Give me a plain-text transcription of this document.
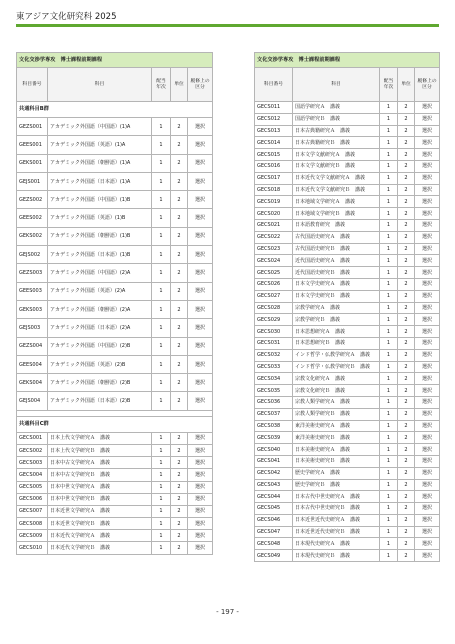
東アジア文化研究科 2025
文化交渉学専攻　博士課程前期課程				
科目番号	科目	配当年次	単位	履修上の区分
共通科目B群				
GEZS001	アカデミック外国語（中国語）(1)A	1	2	選択
GEES001	アカデミック外国語（英語）(1)A	1	2	選択
GEKS001	アカデミック外国語（朝鮮語）(1)A	1	2	選択
GEJS001	アカデミック外国語（日本語）(1)A	1	2	選択
GEZS002	アカデミック外国語（中国語）(1)B	1	2	選択
GEES002	アカデミック外国語（英語）(1)B	1	2	選択
GEKS002	アカデミック外国語（朝鮮語）(1)B	1	2	選択
GEJS002	アカデミック外国語（日本語）(1)B	1	2	選択
GEZS003	アカデミック外国語（中国語）(2)A	1	2	選択
GEES003	アカデミック外国語（英語）(2)A	1	2	選択
GEKS003	アカデミック外国語（朝鮮語）(2)A	1	2	選択
GEJS003	アカデミック外国語（日本語）(2)A	1	2	選択
GEZS004	アカデミック外国語（中国語）(2)B	1	2	選択
GEES004	アカデミック外国語（英語）(2)B	1	2	選択
GEKS004	アカデミック外国語（朝鮮語）(2)B	1	2	選択
GEJS004	アカデミック外国語（日本語）(2)B	1	2	選択

共通科目C群				
GECS001	日本上代文学研究Ａ　講義	1	2	選択
GECS002	日本上代文学研究Ｂ　講義	1	2	選択
GECS003	日本中古文学研究Ａ　講義	1	2	選択
GECS004	日本中古文学研究Ｂ　講義	1	2	選択
GECS005	日本中世文学研究Ａ　講義	1	2	選択
GECS006	日本中世文学研究Ｂ　講義	1	2	選択
GECS007	日本近世文学研究Ａ　講義	1	2	選択
GECS008	日本近世文学研究Ｂ　講義	1	2	選択
GECS009	日本近代文学研究Ａ　講義	1	2	選択
GECS010	日本近代文学研究Ｂ　講義	1	2	選択
文化交渉学専攻　博士課程前期課程				
科目番号	科目	配当年次	単位	履修上の区分
GECS011	国語学研究Ａ　講義	1	2	選択
GECS012	国語学研究Ｂ　講義	1	2	選択
GECS013	日本古典籍研究Ａ　講義	1	2	選択
GECS014	日本古典籍研究Ｂ　講義	1	2	選択
GECS015	日本文学文献研究Ａ　講義	1	2	選択
GECS016	日本文学文献研究Ｂ　講義	1	2	選択
GECS017	日本近代文学文献研究Ａ　講義	1	2	選択
GECS018	日本近代文学文献研究Ｂ　講義	1	2	選択
GECS019	日本地域文学研究Ａ　講義	1	2	選択
GECS020	日本地域文学研究Ｂ　講義	1	2	選択
GECS021	日本語教育研究　講義	1	2	選択
GECS022	古代国語史研究Ａ　講義	1	2	選択
GECS023	古代国語史研究Ｂ　講義	1	2	選択
GECS024	近代国語史研究Ａ　講義	1	2	選択
GECS025	近代国語史研究Ｂ　講義	1	2	選択
GECS026	日本文学史研究Ａ　講義	1	2	選択
GECS027	日本文学史研究Ｂ　講義	1	2	選択
GECS028	宗教学研究Ａ　講義	1	2	選択
GECS029	宗教学研究Ｂ　講義	1	2	選択
GECS030	日本思想研究Ａ　講義	1	2	選択
GECS031	日本思想研究Ｂ　講義	1	2	選択
GECS032	インド哲学・仏教学研究Ａ　講義	1	2	選択
GECS033	インド哲学・仏教学研究Ｂ　講義	1	2	選択
GECS034	宗教文化研究Ａ　講義	1	2	選択
GECS035	宗教文化研究Ｂ　講義	1	2	選択
GECS036	宗教人類学研究Ａ　講義	1	2	選択
GECS037	宗教人類学研究Ｂ　講義	1	2	選択
GECS038	東洋美術史研究Ａ　講義	1	2	選択
GECS039	東洋美術史研究Ｂ　講義	1	2	選択
GECS040	日本美術史研究Ａ　講義	1	2	選択
GECS041	日本美術史研究Ｂ　講義	1	2	選択
GECS042	歴史学研究Ａ　講義	1	2	選択
GECS043	歴史学研究Ｂ　講義	1	2	選択
GECS044	日本古代中世史研究Ａ　講義	1	2	選択
GECS045	日本古代中世史研究Ｂ　講義	1	2	選択
GECS046	日本近世近代史研究Ａ　講義	1	2	選択
GECS047	日本近世近代史研究Ｂ　講義	1	2	選択
GECS048	日本現代史研究Ａ　講義	1	2	選択
GECS049	日本現代史研究Ｂ　講義	1	2	選択
- 197 -
